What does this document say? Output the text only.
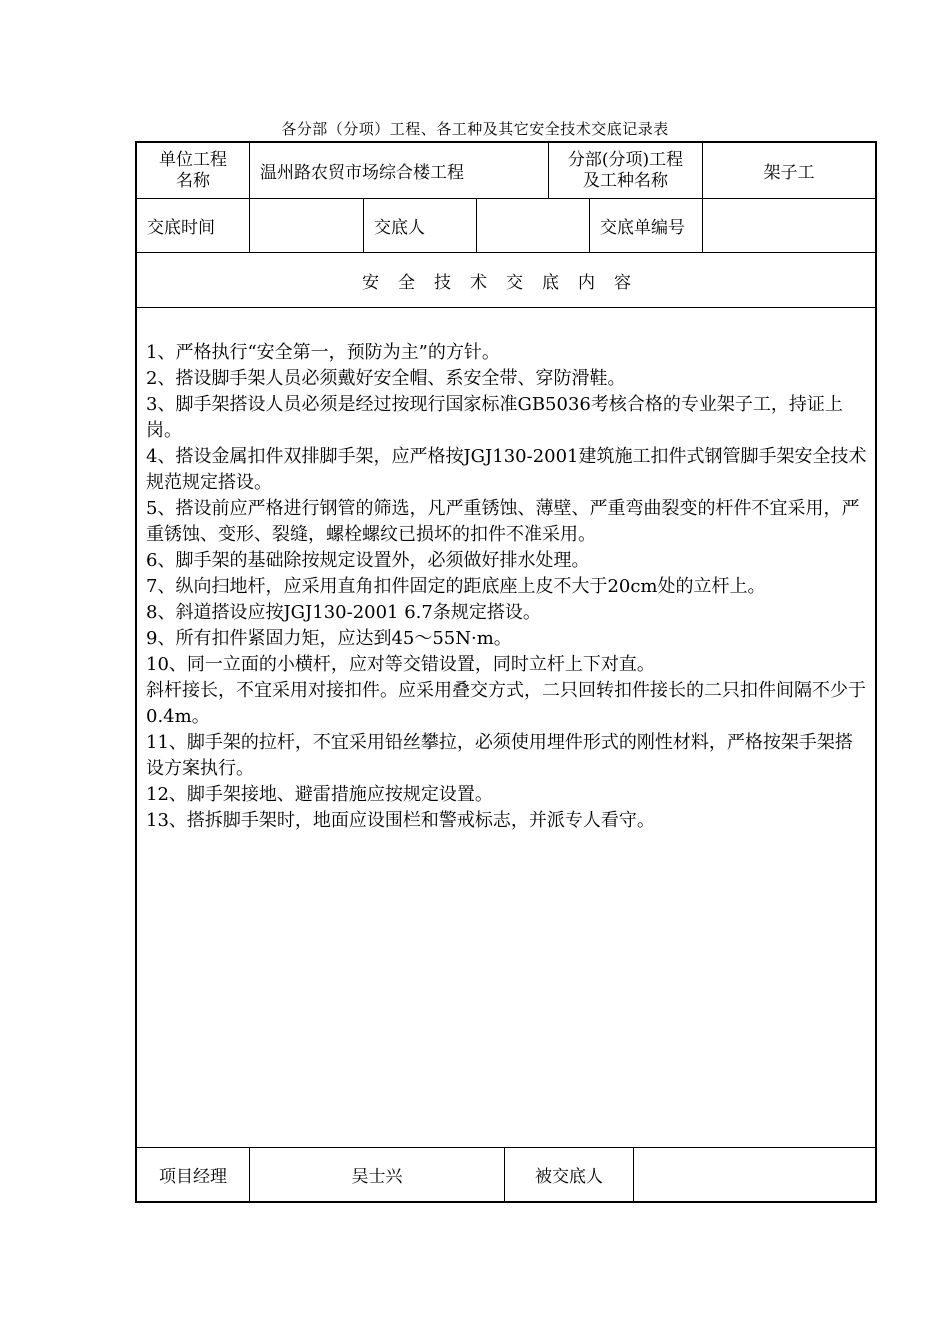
各分部（分项）工程、各工种及其它安全技术交底记录表
单位工程
名称	温州路农贸市场综合楼工程
分部(分项)工程
及工种名称	架子工
交底时间	交底人	交底单编号
安全技术交底内容

1、严格执行“安全第一，预防为主”的方针。

2、搭设脚手架人员必须戴好安全帽、系安全带、穿防滑鞋。

3、脚手架搭设人员必须是经过按现行国家标准GB5036考核合格的专业架子工，持证上岗。

4、搭设金属扣件双排脚手架，应严格按JGJ130-2001建筑施工扣件式钢管脚手架安全技术规范规定搭设。

5、搭设前应严格进行钢管的筛选，凡严重锈蚀、薄壁、严重弯曲裂变的杆件不宜采用，严重锈蚀、变形、裂缝，螺栓螺纹已损坏的扣件不准采用。

6、脚手架的基础除按规定设置外，必须做好排水处理。

7、纵向扫地杆，应采用直角扣件固定的距底座上皮不大于20cm处的立杆上。

8、斜道搭设应按JGJ130-2001 6.7条规定搭设。

9、所有扣件紧固力矩，应达到45～55N·m。

10、同一立面的小横杆，应对等交错设置，同时立杆上下对直。

斜杆接长，不宜采用对接扣件。应采用叠交方式，二只回转扣件接长的二只扣件间隔不少于0.4m。

11、脚手架的拉杆，不宜采用铅丝攀拉，必须使用埋件形式的刚性材料，严格按架手架搭设方案执行。

12、脚手架接地、避雷措施应按规定设置。

13、搭拆脚手架时，地面应设围栏和警戒标志，并派专人看守。

项目经理	吴士兴	被交底人
